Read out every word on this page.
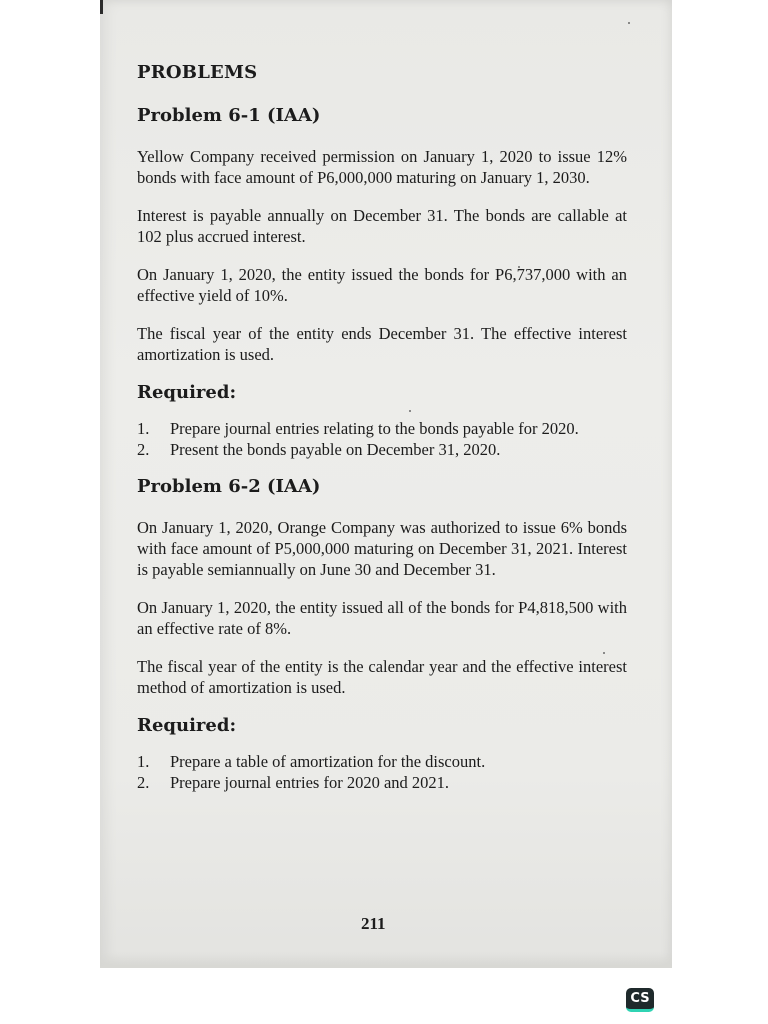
PROBLEMS
Problem 6-1 (IAA)

Yellow Company received permission on January 1, 2020 to issue 12% bonds with face amount of P6,000,000 maturing on January 1, 2030.

Interest is payable annually on December 31. The bonds are callable at 102 plus accrued interest.

On January 1, 2020, the entity issued the bonds for P6,737,000 with an effective yield of 10%.

The fiscal year of the entity ends December 31. The effective interest amortization is used.

Required:
1.	Prepare journal entries relating to the bonds payable for 2020.
2.	Present the bonds payable on December 31, 2020.
Problem 6-2 (IAA)

On January 1, 2020, Orange Company was authorized to issue 6% bonds with face amount of P5,000,000 maturing on December 31, 2021. Interest is payable semiannually on June 30 and December 31.

On January 1, 2020, the entity issued all of the bonds for P4,818,500 with an effective rate of 8%.

The fiscal year of the entity is the calendar year and the effective interest method of amortization is used.

Required:
1.	Prepare a table of amortization for the discount.
2.	Prepare journal entries for 2020 and 2021.
211
CS
